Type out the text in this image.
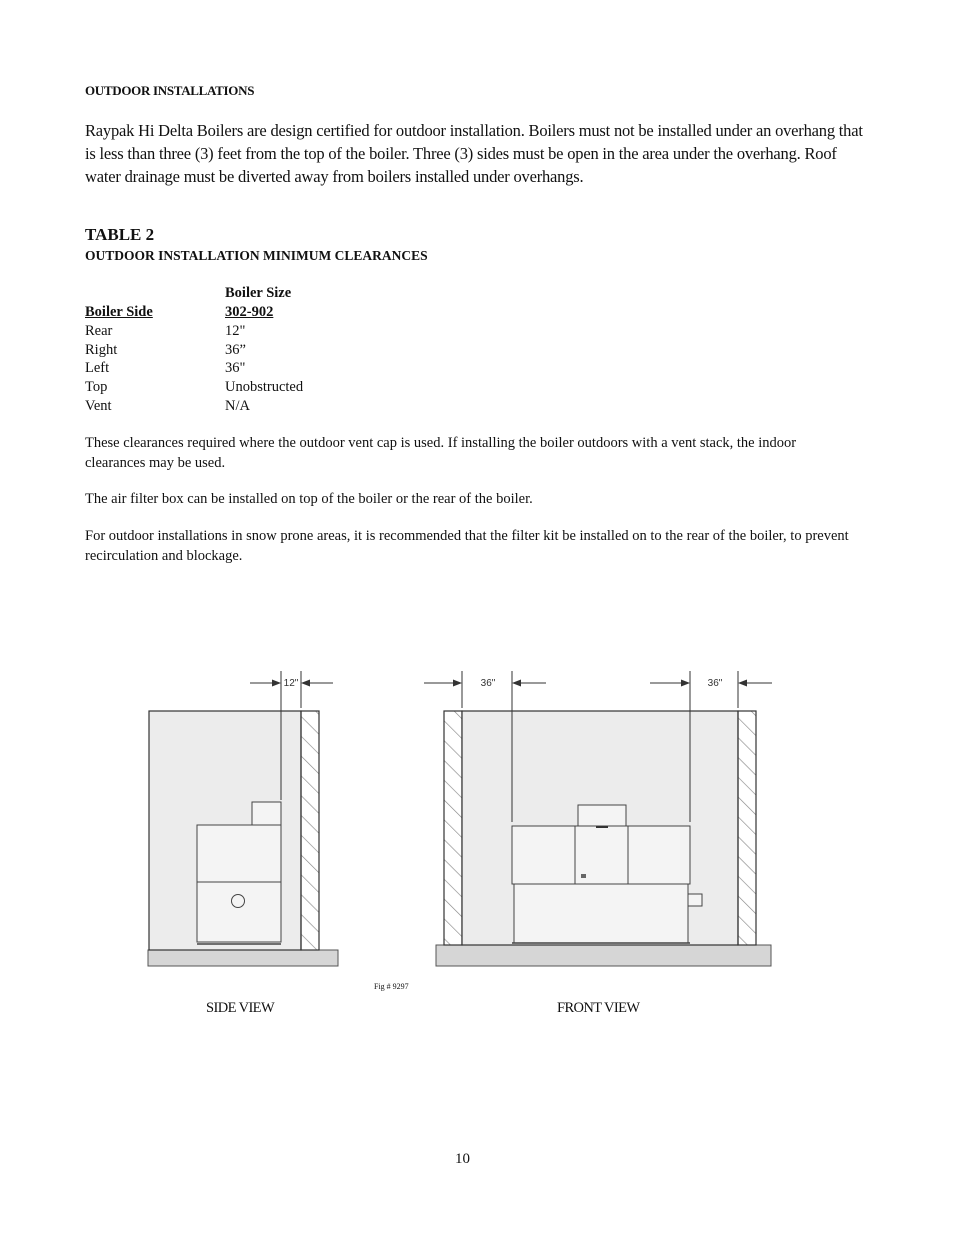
OUTDOOR INSTALLATIONS
Raypak Hi Delta Boilers are design certified for outdoor installation. Boilers must not be installed under an overhang that is less than three (3) feet from the top of the boiler. Three (3) sides must be open in the area under the overhang. Roof water drainage must be diverted away from boilers installed under overhangs.
TABLE 2
OUTDOOR INSTALLATION MINIMUM CLEARANCES
Boiler Size
Boiler Side	302-902
Rear	12"
Right	36”
Left	36"
Top	Unobstructed
Vent	N/A
These clearances required where the outdoor vent cap is used. If installing the boiler outdoors with a vent stack, the indoor clearances may be used.
The air filter box can be installed on top of the boiler or the rear of the boiler.
For outdoor installations in snow prone areas, it is recommended that the filter kit be installed on to the rear of the boiler, to prevent recirculation and blockage.
12"	36"	36"
Fig # 9297
SIDE VIEW	FRONT VIEW
10
